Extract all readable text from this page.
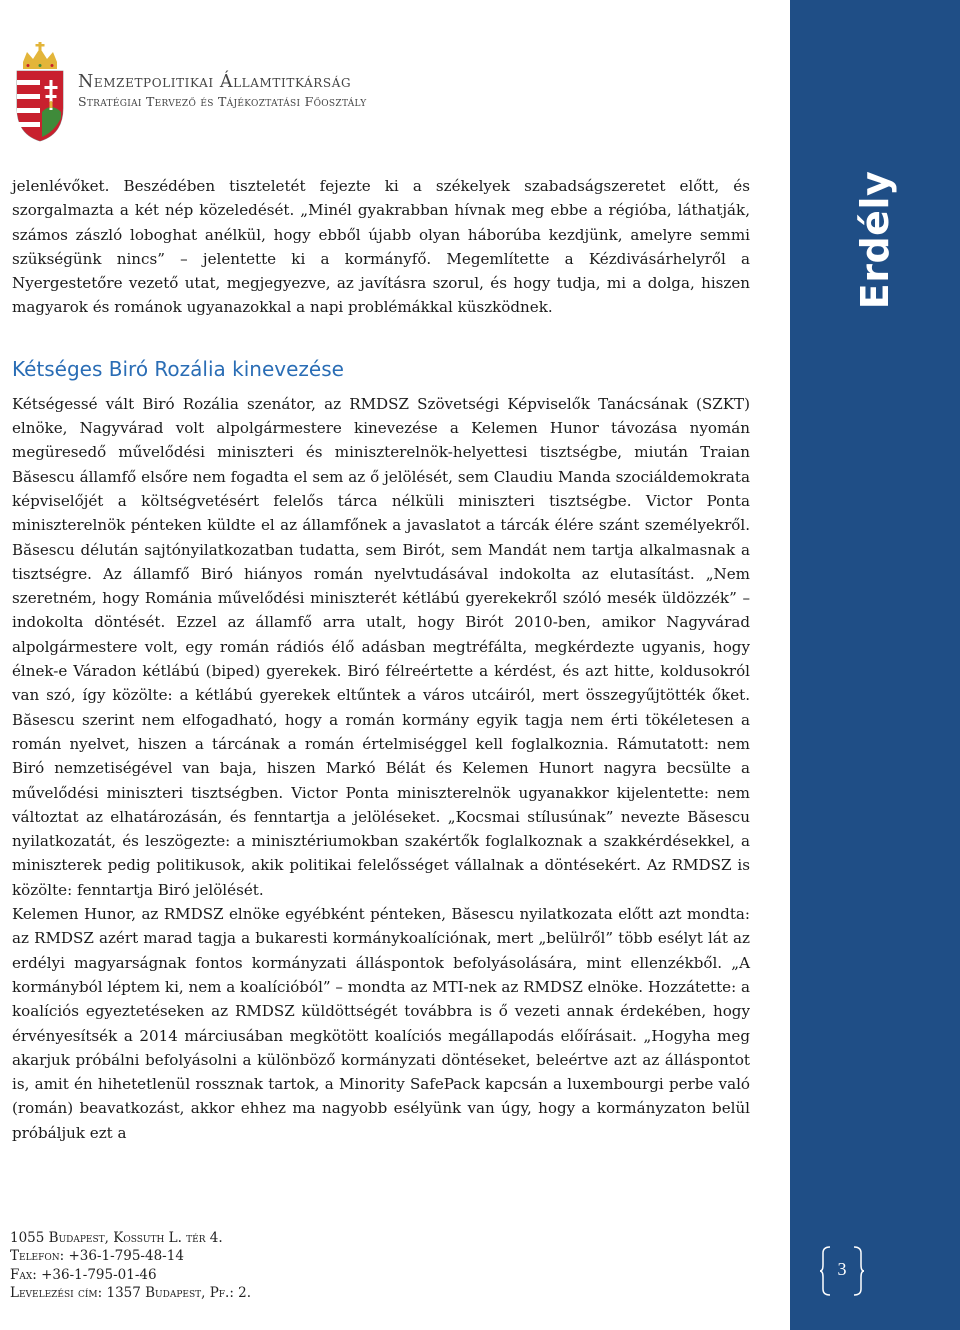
Erdély
Nemzetpolitikai Államtitkárság
Stratégiai Tervező és Tájékoztatási Főosztály

jelenlévőket. Beszédében tiszteletét fejezte ki a székelyek szabadságszeretet előtt, és szorgalmazta a két nép közeledését. „Minél gyakrabban hívnak meg ebbe a régióba, láthatják, számos zászló loboghat anélkül, hogy ebből újabb olyan háborúba kezdjünk, amelyre semmi szükségünk nincs” – jelentette ki a kormányfő. Megemlítette a Kézdivásárhelyről a Nyergestetőre vezető utat, megjegyezve, az javításra szorul, és hogy tudja, mi a dolga, hiszen magyarok és románok ugyanazokkal a napi problémákkal küszködnek.

Kétséges Biró Rozália kinevezése

Kétségessé vált Biró Rozália szenátor, az RMDSZ Szövetségi Képviselők Tanácsának (SZKT) elnöke, Nagyvárad volt alpolgármestere kinevezése a Kelemen Hunor távozása nyomán megüresedő művelődési miniszteri és miniszterelnök-helyettesi tisztségbe, miután Traian Băsescu államfő elsőre nem fogadta el sem az ő jelölését, sem Claudiu Manda szociáldemokrata képviselőjét a költségvetésért felelős tárca nélküli miniszteri tisztségbe. Victor Ponta miniszterelnök pénteken küldte el az államfőnek a javaslatot a tárcák élére szánt személyekről. Băsescu délután sajtónyilatkozatban tudatta, sem Birót, sem Mandát nem tartja alkalmasnak a tisztségre. Az államfő Biró hiányos román nyelvtudásával indokolta az elutasítást. „Nem szeretném, hogy Románia művelődési miniszterét kétlábú gyerekekről szóló mesék üldözzék” – indokolta döntését. Ezzel az államfő arra utalt, hogy Birót 2010-ben, amikor Nagyvárad alpolgármestere volt, egy román rádiós élő adásban megtréfálta, megkérdezte ugyanis, hogy élnek-e Váradon kétlábú (biped) gyerekek. Biró félreértette a kérdést, és azt hitte, koldusokról van szó, így közölte: a kétlábú gyerekek eltűntek a város utcáiról, mert összegyűjtötték őket. Băsescu szerint nem elfogadható, hogy a román kormány egyik tagja nem érti tökéletesen a román nyelvet, hiszen a tárcának a román értelmiséggel kell foglalkoznia. Rámutatott: nem Biró nemzetiségével van baja, hiszen Markó Bélát és Kelemen Hunort nagyra becsülte a művelődési miniszteri tisztségben. Victor Ponta miniszterelnök ugyanakkor kijelentette: nem változtat az elhatározásán, és fenntartja a jelöléseket. „Kocsmai stílusúnak” nevezte Băsescu nyilatkozatát, és leszögezte: a minisztériumokban szakértők foglalkoznak a szakkérdésekkel, a miniszterek pedig politikusok, akik politikai felelősséget vállalnak a döntésekért. Az RMDSZ is közölte: fenntartja Biró jelölését.

Kelemen Hunor, az RMDSZ elnöke egyébként pénteken, Băsescu nyilatkozata előtt azt mondta: az RMDSZ azért marad tagja a bukaresti kormánykoalíciónak, mert „belülről” több esélyt lát az erdélyi magyarságnak fontos kormányzati álláspontok befolyásolására, mint ellenzékből. „A kormányból léptem ki, nem a koalícióból” – mondta az MTI-nek az RMDSZ elnöke. Hozzátette: a koalíciós egyeztetéseken az RMDSZ küldöttségét továbbra is ő vezeti annak érdekében, hogy érvényesítsék a 2014 márciusában megkötött koalíciós megállapodás előírásait. „Hogyha meg akarjuk próbálni befolyásolni a különböző kormányzati döntéseket, beleértve azt az álláspontot is, amit én hihetetlenül rossznak tartok, a Minority SafePack kapcsán a luxembourgi perbe való (román) beavatkozást, akkor ehhez ma nagyobb esélyünk van úgy, hogy a kormányzaton belül próbáljuk ezt a

1055 Budapest, Kossuth L. tér 4.
Telefon: +36-1-795-48-14
Fax: +36-1-795-01-46
Levelezési cím: 1357 Budapest, Pf.: 2.
3
